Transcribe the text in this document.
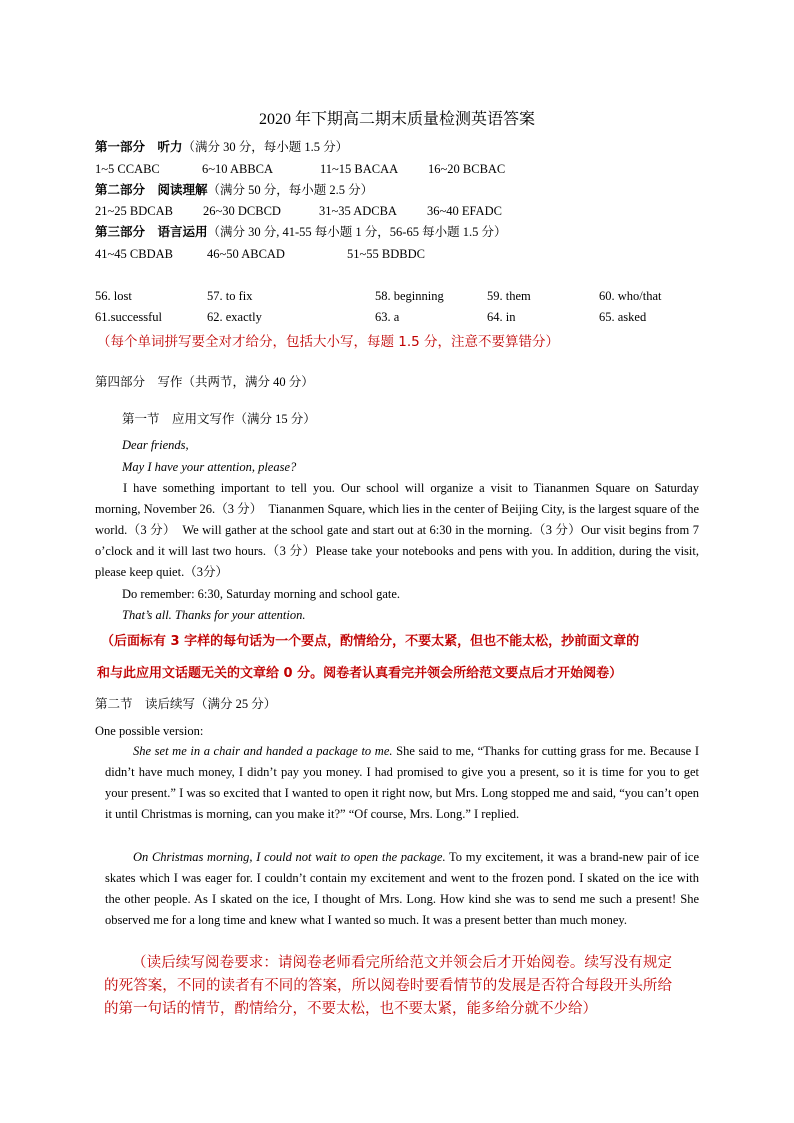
2020 年下期高二期末质量检测英语答案
第一部分　听力（满分 30 分，每小题 1.5 分）
1~5 CCABC	6~10 ABBCA	11~15 BACAA 16~20 BCBAC
第二部分　阅读理解（满分 50 分，每小题 2.5 分）
21~25 BDCAB 26~30 DCBCD	31~35 ADCBA 36~40 EFADC
第三部分　语言运用（满分 30 分, 41-55 每小题 1 分，56-65 每小题 1.5 分）
41~45 CBDAB	46~50 ABCAD	51~55 BDBDC
56. lost	57. to fix	58. beginning	59. them	60. who/that
61.successful	62. exactly	63. a	64. in	65. asked
（每个单词拼写要全对才给分，包括大小写，每题 1.5 分，注意不要算错分）
第四部分　写作（共两节，满分 40 分）
第一节　应用文写作（满分 15 分）
Dear friends,
May I have your attention, please?
I have something important to tell you. Our school will organize a visit to Tiananmen Square on Saturday morning, November 26.（3 分）　Tiananmen Square, which lies in the center of Beijing City, is the largest square of the world.（3 分）　We will gather at the school gate and start out at 6:30 in the morning.（3 分）Our visit begins from 7 o’clock and it will last two hours.（3 分）Please take your notebooks and pens with you. In addition, during the visit, please keep quiet.（3分）
Do remember: 6:30, Saturday morning and school gate.
That’s all. Thanks for your attention.
（后面标有 3 字样的每句话为一个要点，酌情给分，不要太紧，但也不能太松，抄前面文章的
和与此应用文话题无关的文章给 0 分。阅卷者认真看完并领会所给范文要点后才开始阅卷）
第二节　读后续写（满分 25 分）
One possible version:
She set me in a chair and handed a package to me. She said to me, “Thanks for cutting grass for me. Because I didn’t have much money, I didn’t pay you money. I had promised to give you a present, so it is time for you to get your present.” I was so excited that I wanted to open it right now, but Mrs. Long stopped me and said, “you can’t open it until Christmas is morning, can you make it?” “Of course, Mrs. Long.” I replied.
On Christmas morning, I could not wait to open the package. To my excitement, it was a brand-new pair of ice skates which I was eager for. I couldn’t contain my excitement and went to the frozen pond. I skated on the ice with the other people. As I skated on the ice, I thought of Mrs. Long. How kind she was to send me such a present! She observed me for a long time and knew what I wanted so much. It was a present better than much money.
（读后续写阅卷要求：请阅卷老师看完所给范文并领会后才开始阅卷。续写没有规定的死答案，不同的读者有不同的答案，所以阅卷时要看情节的发展是否符合每段开头所给的第一句话的情节，酌情给分，不要太松，也不要太紧，能多给分就不少给）
